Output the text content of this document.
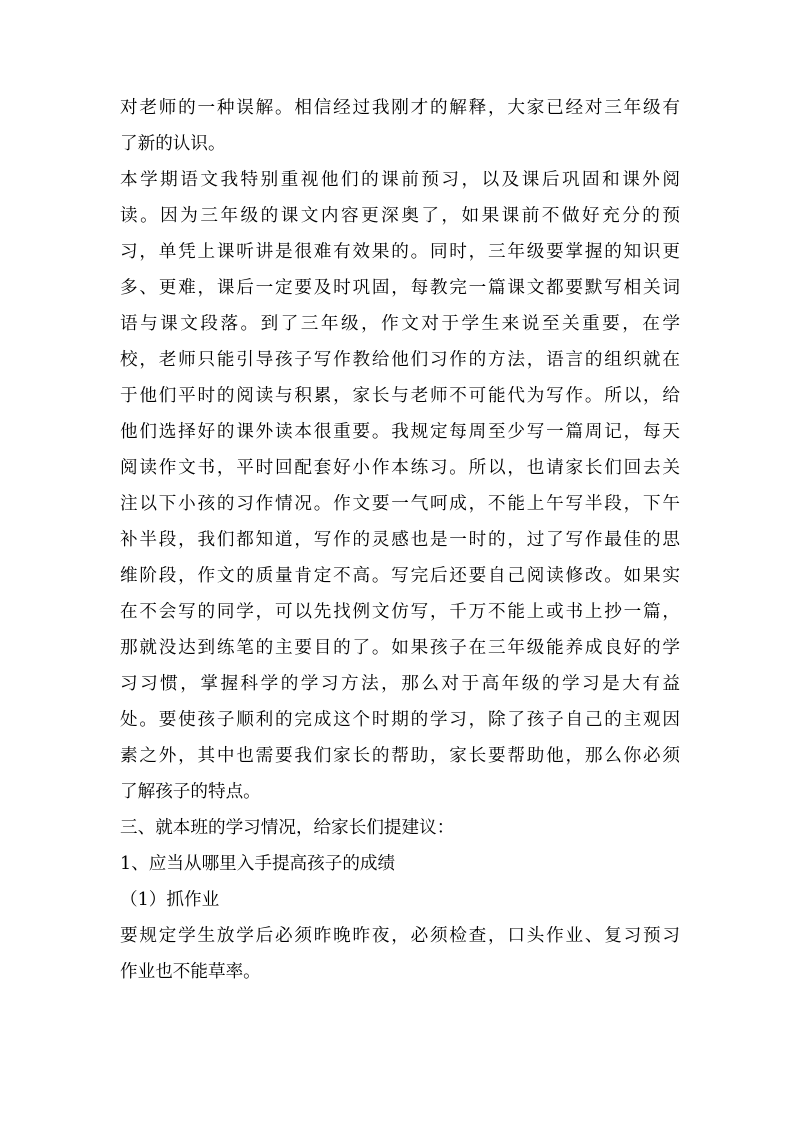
对老师的一种误解。相信经过我刚才的解释，大家已经对三年级有
了新的认识。
本学期语文我特别重视他们的课前预习，以及课后巩固和课外阅
读。因为三年级的课文内容更深奥了，如果课前不做好充分的预
习，单凭上课听讲是很难有效果的。同时，三年级要掌握的知识更
多、更难，课后一定要及时巩固，每教完一篇课文都要默写相关词
语与课文段落。到了三年级，作文对于学生来说至关重要，在学
校，老师只能引导孩子写作教给他们习作的方法，语言的组织就在
于他们平时的阅读与积累，家长与老师不可能代为写作。所以，给
他们选择好的课外读本很重要。我规定每周至少写一篇周记，每天
阅读作文书，平时回配套好小作本练习。所以，也请家长们回去关
注以下小孩的习作情况。作文要一气呵成，不能上午写半段，下午
补半段，我们都知道，写作的灵感也是一时的，过了写作最佳的思
维阶段，作文的质量肯定不高。写完后还要自己阅读修改。如果实
在不会写的同学，可以先找例文仿写，千万不能上或书上抄一篇，
那就没达到练笔的主要目的了。如果孩子在三年级能养成良好的学
习习惯，掌握科学的学习方法，那么对于高年级的学习是大有益
处。要使孩子顺利的完成这个时期的学习，除了孩子自己的主观因
素之外，其中也需要我们家长的帮助，家长要帮助他，那么你必须
了解孩子的特点。
三、就本班的学习情况，给家长们提建议：
1、应当从哪里入手提高孩子的成绩
（1）抓作业
要规定学生放学后必须昨晚昨夜，必须检查，口头作业、复习预习
作业也不能草率。
